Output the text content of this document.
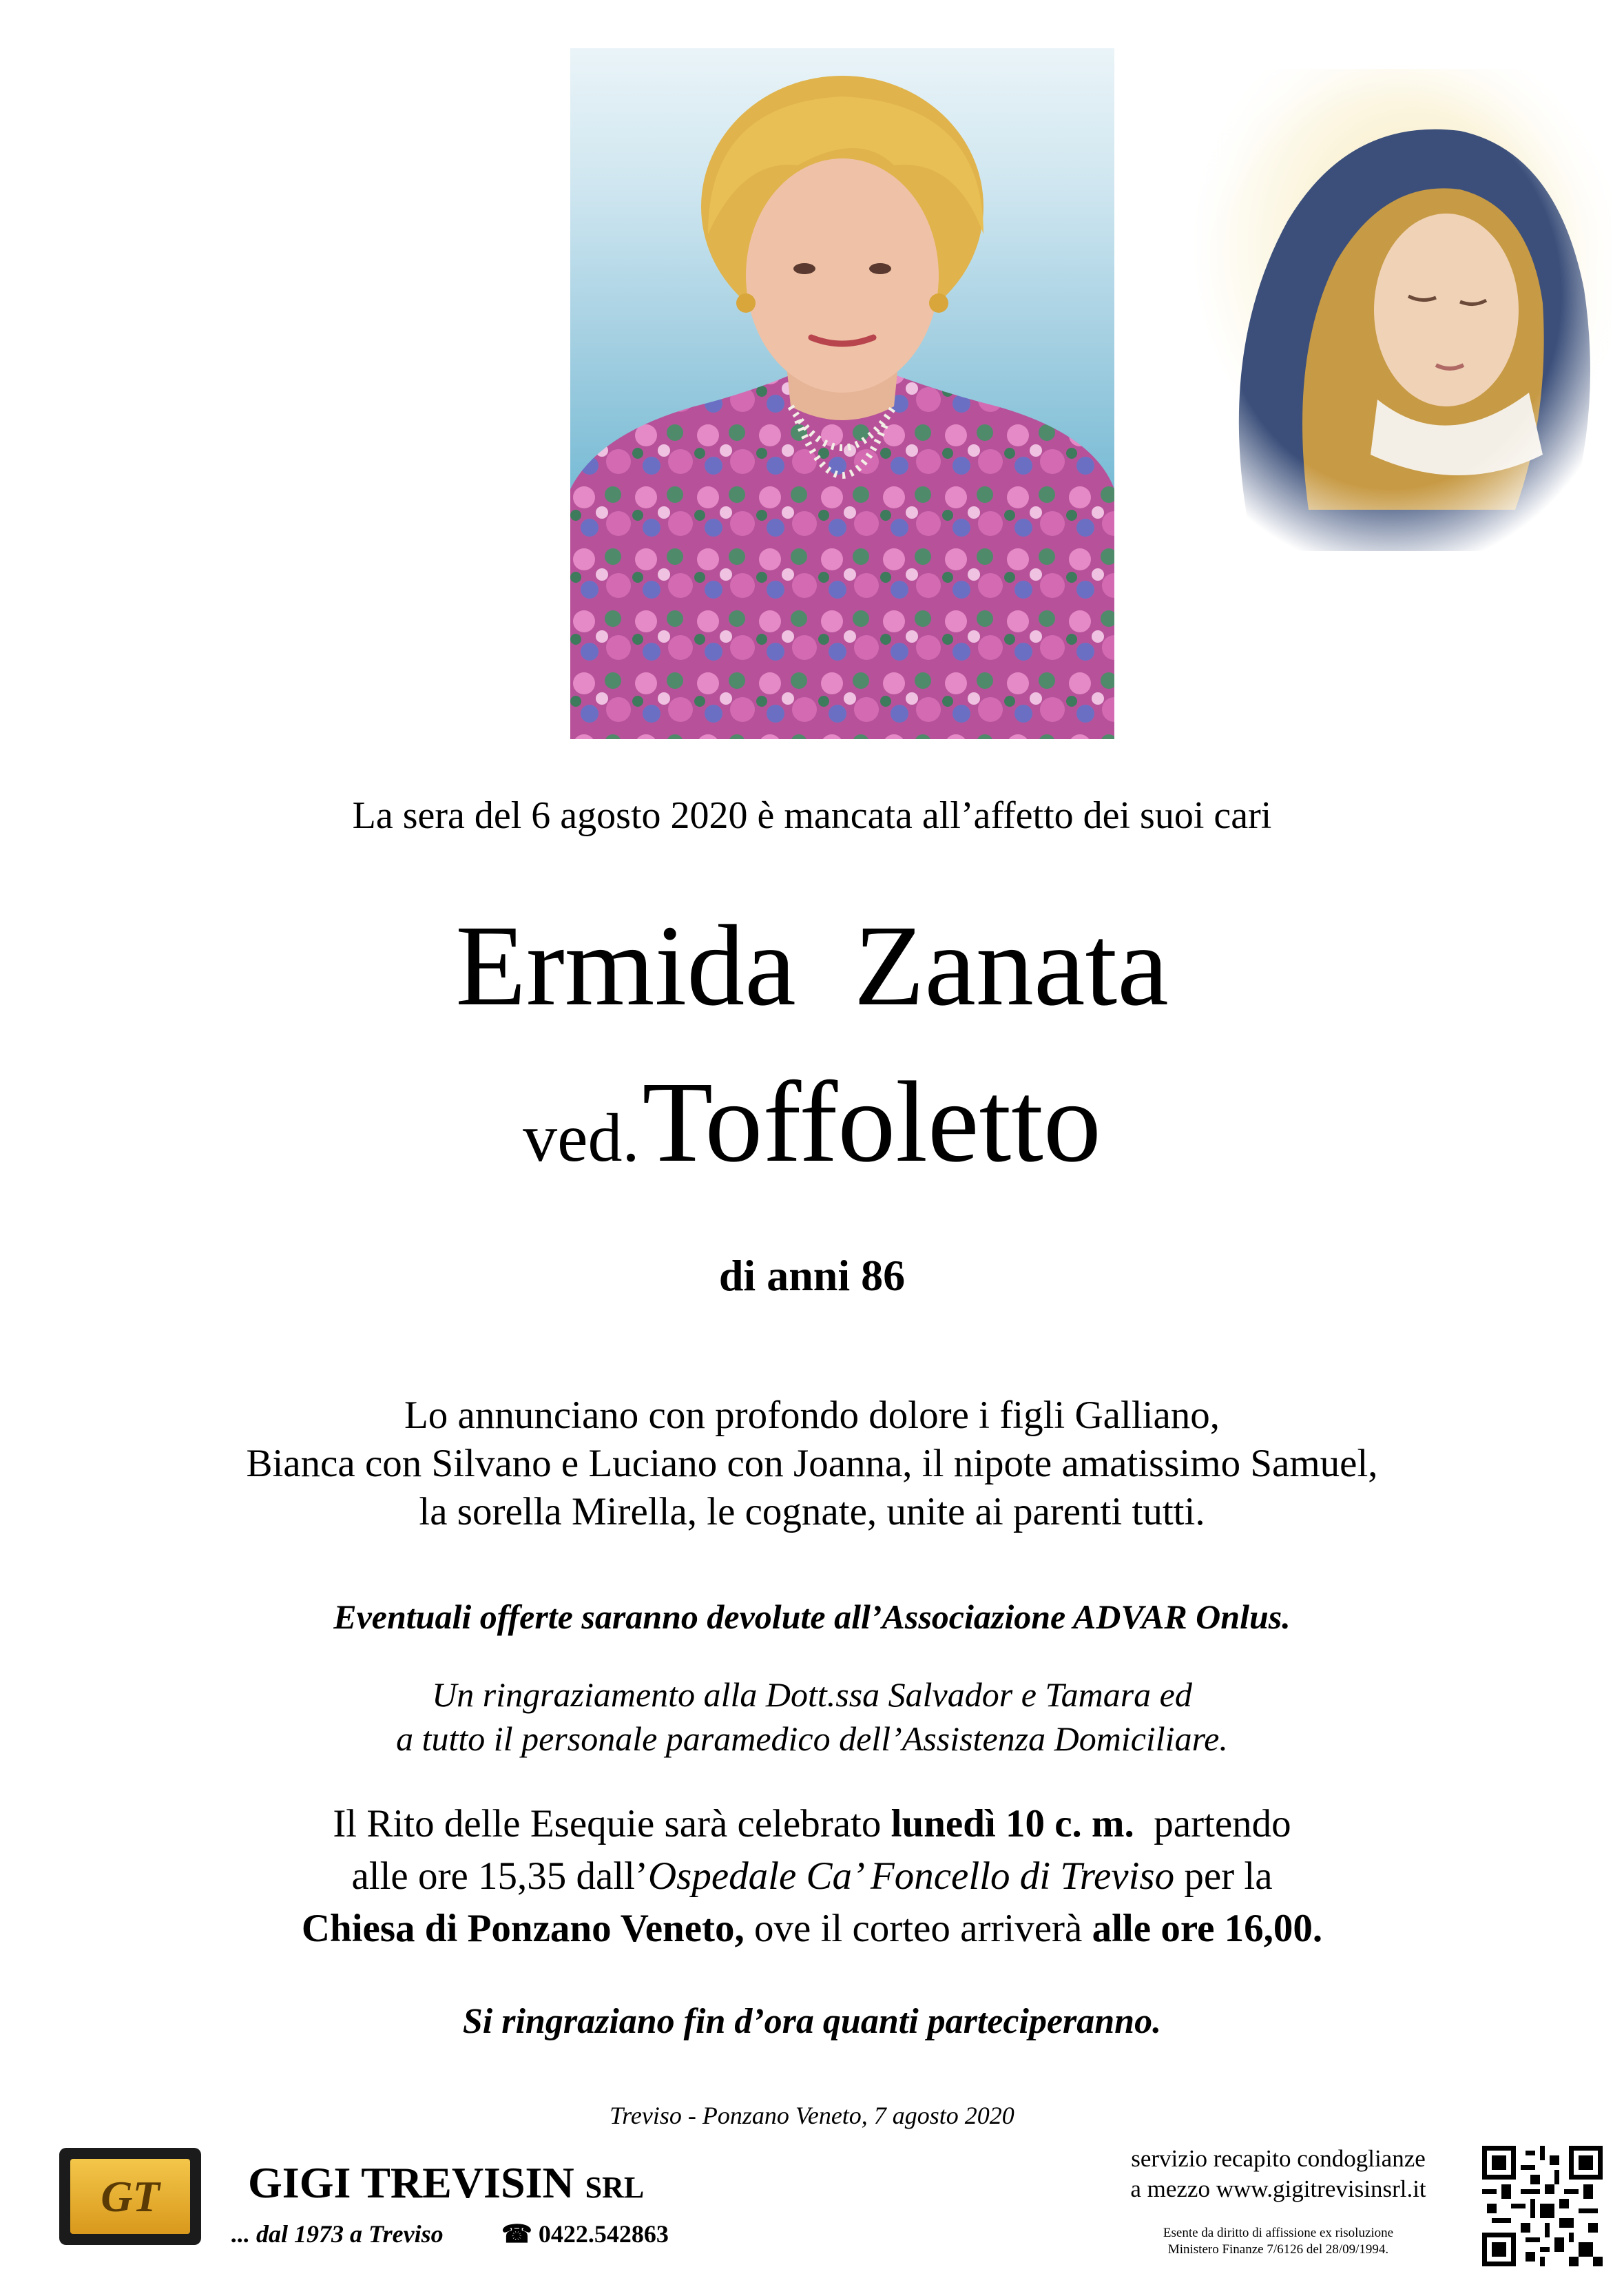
La sera del 6 agosto 2020 è mancata all’affetto dei suoi cari
Ermida  Zanata
ved. Toffoletto
di anni 86
Lo annunciano con profondo dolore i figli Galliano,
Bianca con Silvano e Luciano con Joanna, il nipote amatissimo Samuel,
la sorella Mirella, le cognate, unite ai parenti tutti.
Eventuali offerte saranno devolute all’Associazione ADVAR Onlus.
Un ringraziamento alla Dott.ssa Salvador e Tamara ed
a tutto il personale paramedico dell’Assistenza Domiciliare.
Il Rito delle Esequie sarà celebrato lunedì 10 c. m.  partendo
alle ore 15,35 dall’Ospedale Ca’ Foncello di Treviso per la
Chiesa di Ponzano Veneto, ove il corteo arriverà alle ore 16,00.
Si ringraziano fin d’ora quanti parteciperanno.
Treviso - Ponzano Veneto, 7 agosto 2020
GT	GIGI TREVISIN SRL
... dal 1973 a Treviso ☎ 0422.542863
servizio recapito condoglianze
a mezzo www.gigitrevisinsrl.it
Esente da diritto di affissione ex risoluzione
Ministero Finanze 7/6126 del 28/09/1994.
